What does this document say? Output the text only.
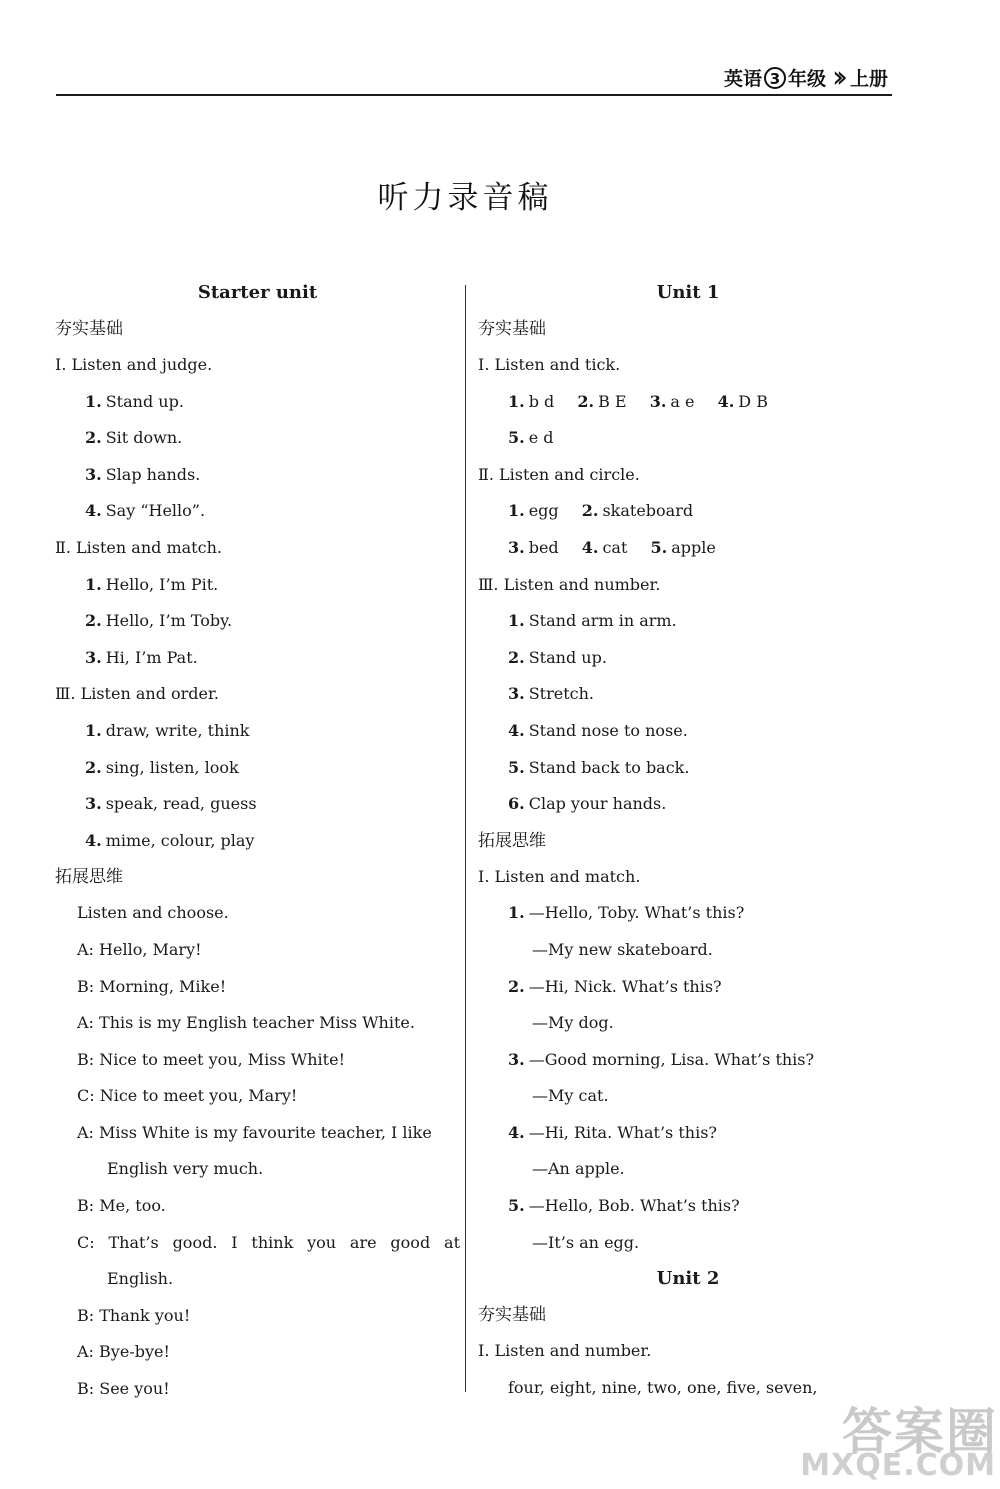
英语 3 年级 ›› 上册
听力录音稿
Starter unit
夯实基础
Ⅰ. Listen and judge.
1. Stand up.
2. Sit down.
3. Slap hands.
4. Say “Hello”.
Ⅱ. Listen and match.
1. Hello, I’m Pit.
2. Hello, I’m Toby.
3. Hi, I’m Pat.
Ⅲ. Listen and order.
1. draw, write, think
2. sing, listen, look
3. speak, read, guess
4. mime, colour, play
拓展思维
Listen and choose.
A: Hello, Mary!
B: Morning, Mike!
A: This is my English teacher Miss White.
B: Nice to meet you, Miss White!
C: Nice to meet you, Mary!
A: Miss White is my favourite teacher, I like
English very much.
B: Me, too.
C: That’s good. I think you are good at
English.
B: Thank you!
A: Bye-bye!
B: See you!
Unit 1
夯实基础
Ⅰ. Listen and tick.
1. b d 2. B E 3. a e 4. D B
5. e d
Ⅱ. Listen and circle.
1. egg 2. skateboard
3. bed 4. cat 5. apple
Ⅲ. Listen and number.
1. Stand arm in arm.
2. Stand up.
3. Stretch.
4. Stand nose to nose.
5. Stand back to back.
6. Clap your hands.
拓展思维
Ⅰ. Listen and match.
1. —Hello, Toby. What’s this?
—My new skateboard.
2. —Hi, Nick. What’s this?
—My dog.
3. —Good morning, Lisa. What’s this?
—My cat.
4. —Hi, Rita. What’s this?
—An apple.
5. —Hello, Bob. What’s this?
—It’s an egg.
Unit 2
夯实基础
Ⅰ. Listen and number.
four, eight, nine, two, one, five, seven,
答案圈
MXQE.COM
